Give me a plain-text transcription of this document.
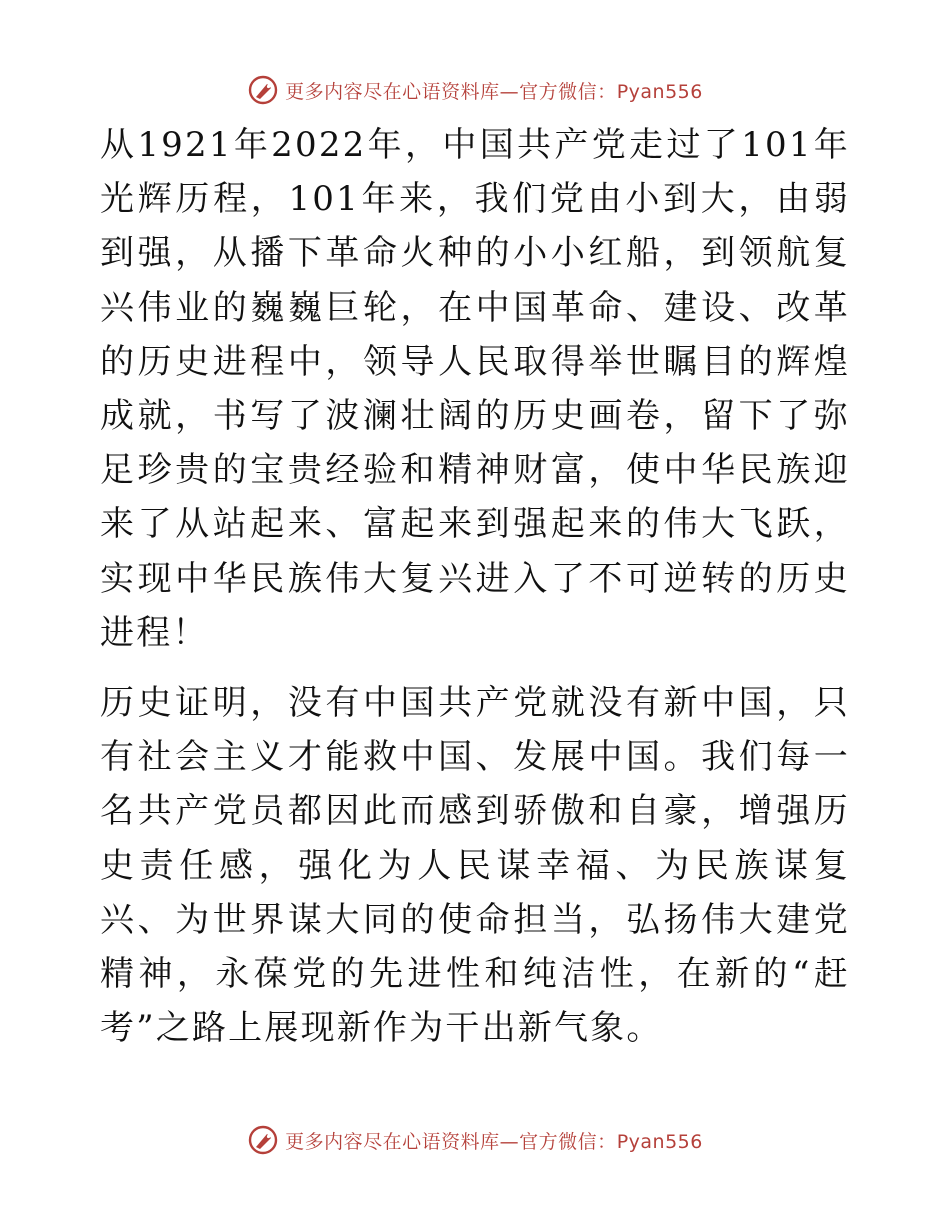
更多内容尽在心语资料库—官方微信：Pyan556

从1921年2022年，中国共产党走过了101年光辉历程，101年来，我们党由小到大，由弱到强，从播下革命火种的小小红船，到领航复兴伟业的巍巍巨轮，在中国革命、建设、改革的历史进程中，领导人民取得举世瞩目的辉煌成就，书写了波澜壮阔的历史画卷，留下了弥足珍贵的宝贵经验和精神财富，使中华民族迎来了从站起来、富起来到强起来的伟大飞跃，实现中华民族伟大复兴进入了不可逆转的历史进程！

历史证明，没有中国共产党就没有新中国，只有社会主义才能救中国、发展中国。我们每一名共产党员都因此而感到骄傲和自豪，增强历史责任感，强化为人民谋幸福、为民族谋复兴、为世界谋大同的使命担当，弘扬伟大建党精神，永葆党的先进性和纯洁性，在新的“赶考”之路上展现新作为干出新气象。

更多内容尽在心语资料库—官方微信：Pyan556
